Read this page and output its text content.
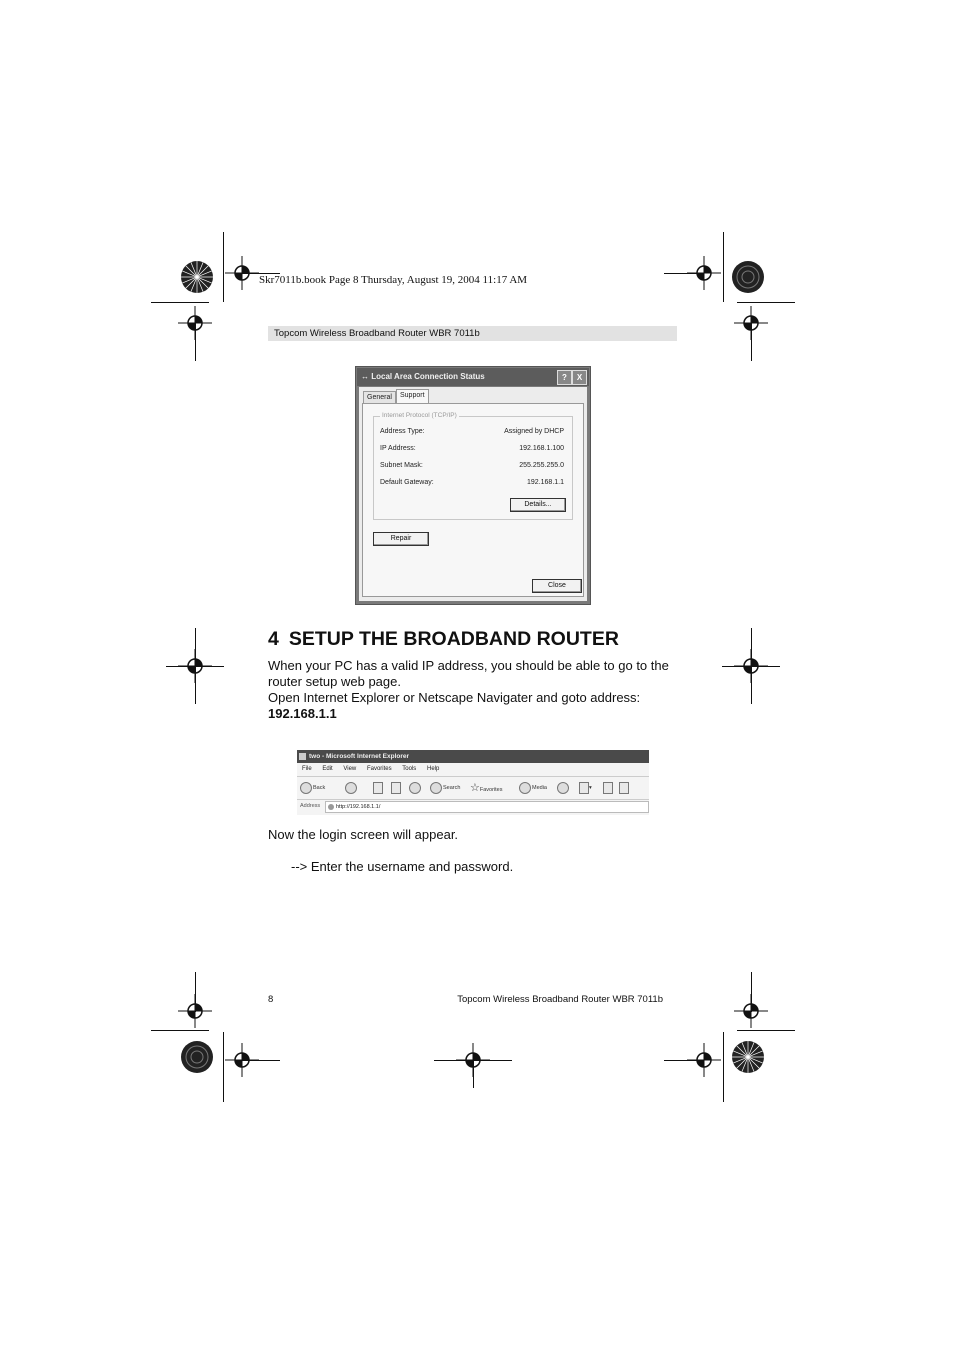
Skr7011b.book Page 8 Thursday, August 19, 2004 11:17 AM
Topcom Wireless Broadband Router WBR 7011b
↔ Local Area Connection Status	?	X
General	Support
Internet Protocol (TCP/IP)
Address Type:	Assigned by DHCP
IP Address:	192.168.1.100
Subnet Mask:	255.255.255.0
Default Gateway:	192.168.1.1
Details...
Repair
Close
4 SETUP THE BROADBAND ROUTER
When your PC has a valid IP address, you should be able to go to the
router setup web page.
Open Internet Explorer or Netscape Navigater and goto address:
192.168.1.1
two - Microsoft Internet Explorer
File Edit View Favorites Tools Help
Back	Search ☆Favorites	Media	▾
Address	http://192.168.1.1/
Now the login screen will appear.
--> Enter the username and password.
8	Topcom Wireless Broadband Router WBR 7011b
